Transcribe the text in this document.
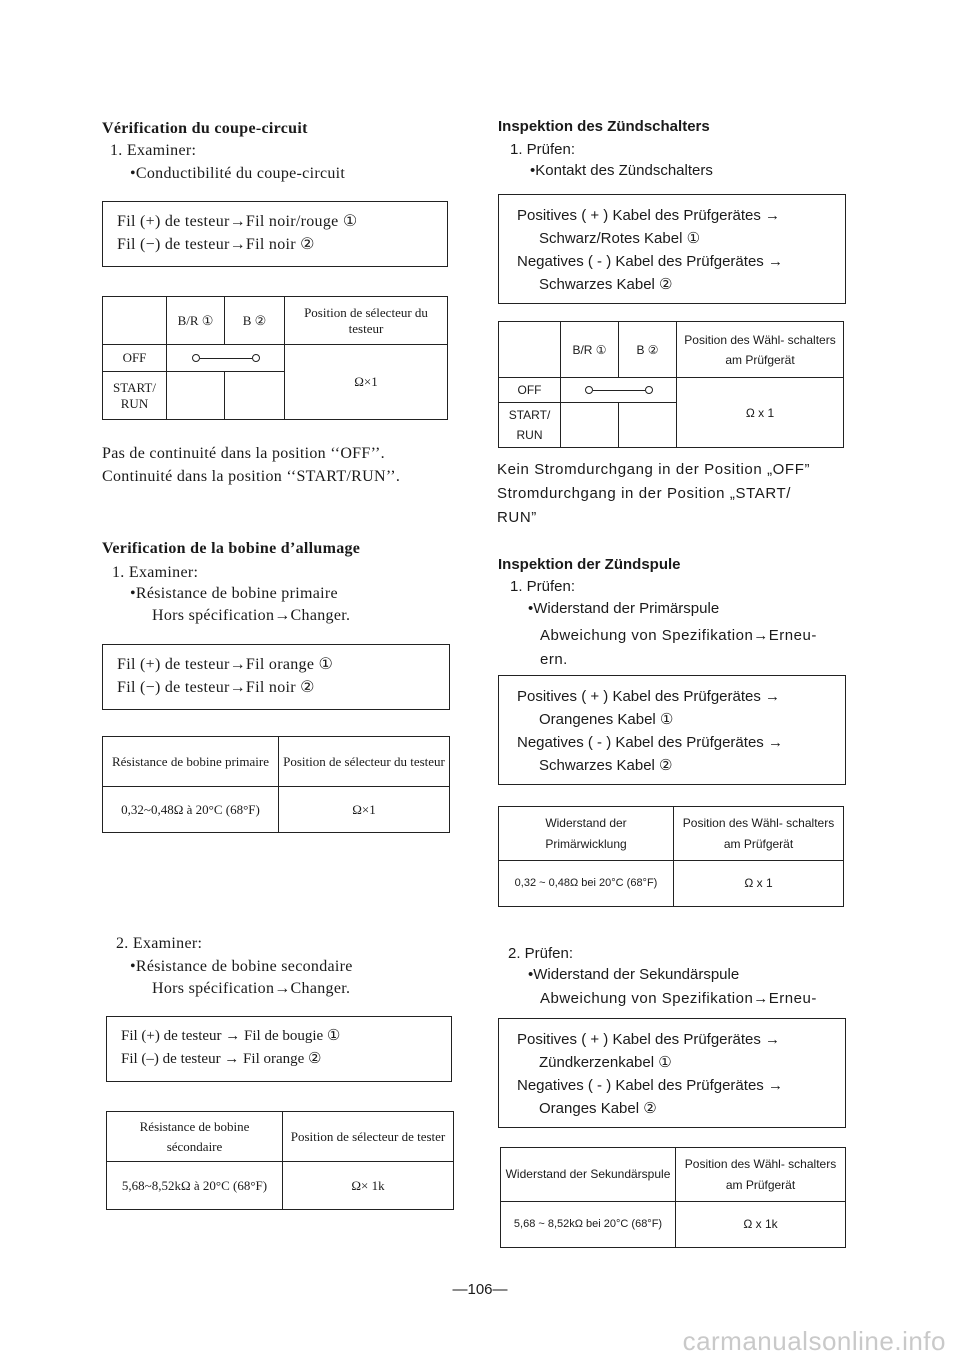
Vérification du coupe-circuit
1. Examiner:
•Conductibilité du coupe-circuit
Fil (+) de testeur→Fil noir/rouge ①
Fil (−) de testeur→Fil noir ②
	B/R ①	B ②	Position de sélecteur du testeur
OFF			Ω×1
START/ RUN			
Pas de continuité dans la position ‘‘OFF’’.
Continuité dans la position ‘‘START/RUN’’.
Verification de la bobine d’allumage
1. Examiner:
•Résistance de bobine primaire
Hors spécification→Changer.
Fil (+) de testeur→Fil orange ①
Fil (−) de testeur→Fil noir ②
Résistance de bobine primaire	Position de sélecteur du testeur
0,32~0,48Ω à 20°C (68°F)	Ω×1
2. Examiner:
•Résistance de bobine secondaire
Hors spécification→Changer.
Fil (+) de testeur → Fil de bougie ①
Fil (–) de testeur → Fil orange ②
Résistance de bobine sécondaire	Position de sélecteur de tester
5,68~8,52kΩ à 20°C (68°F)	Ω× 1k
Inspektion des Zündschalters
1. Prüfen:
•Kontakt des Zündschalters
Positives ( + ) Kabel des Prüfgerätes →
Schwarz/Rotes Kabel ①
Negatives ( - ) Kabel des Prüfgerätes →
Schwarzes Kabel ②
	B/R ①	B ②	Position des Wähl- schalters am Prüfgerät
OFF			Ω x 1
START/ RUN			
Kein Stromdurchgang in der Position „OFF”
Stromdurchgang in der Position „START/
RUN”
Inspektion der Zündspule
1. Prüfen:
•Widerstand der Primärspule
Abweichung von Spezifikation→Erneu-
ern.
Positives ( + ) Kabel des Prüfgerätes →
Orangenes Kabel ①
Negatives ( - ) Kabel des Prüfgerätes →
Schwarzes Kabel ②
Widerstand der Primärwicklung	Position des Wähl- schalters am Prüfgerät
0,32 ~ 0,48Ω bei 20°C (68°F)	Ω x 1
2. Prüfen:
•Widerstand der Sekundärspule
Abweichung von Spezifikation→Erneu-
Positives ( + ) Kabel des Prüfgerätes →
Zündkerzenkabel ①
Negatives ( - ) Kabel des Prüfgerätes →
Oranges Kabel ②
Widerstand der Sekundärspule	Position des Wähl- schalters am Prüfgerät
5,68 ~ 8,52kΩ bei 20°C (68°F)	Ω x 1k
—106—
carmanualsonline.info
